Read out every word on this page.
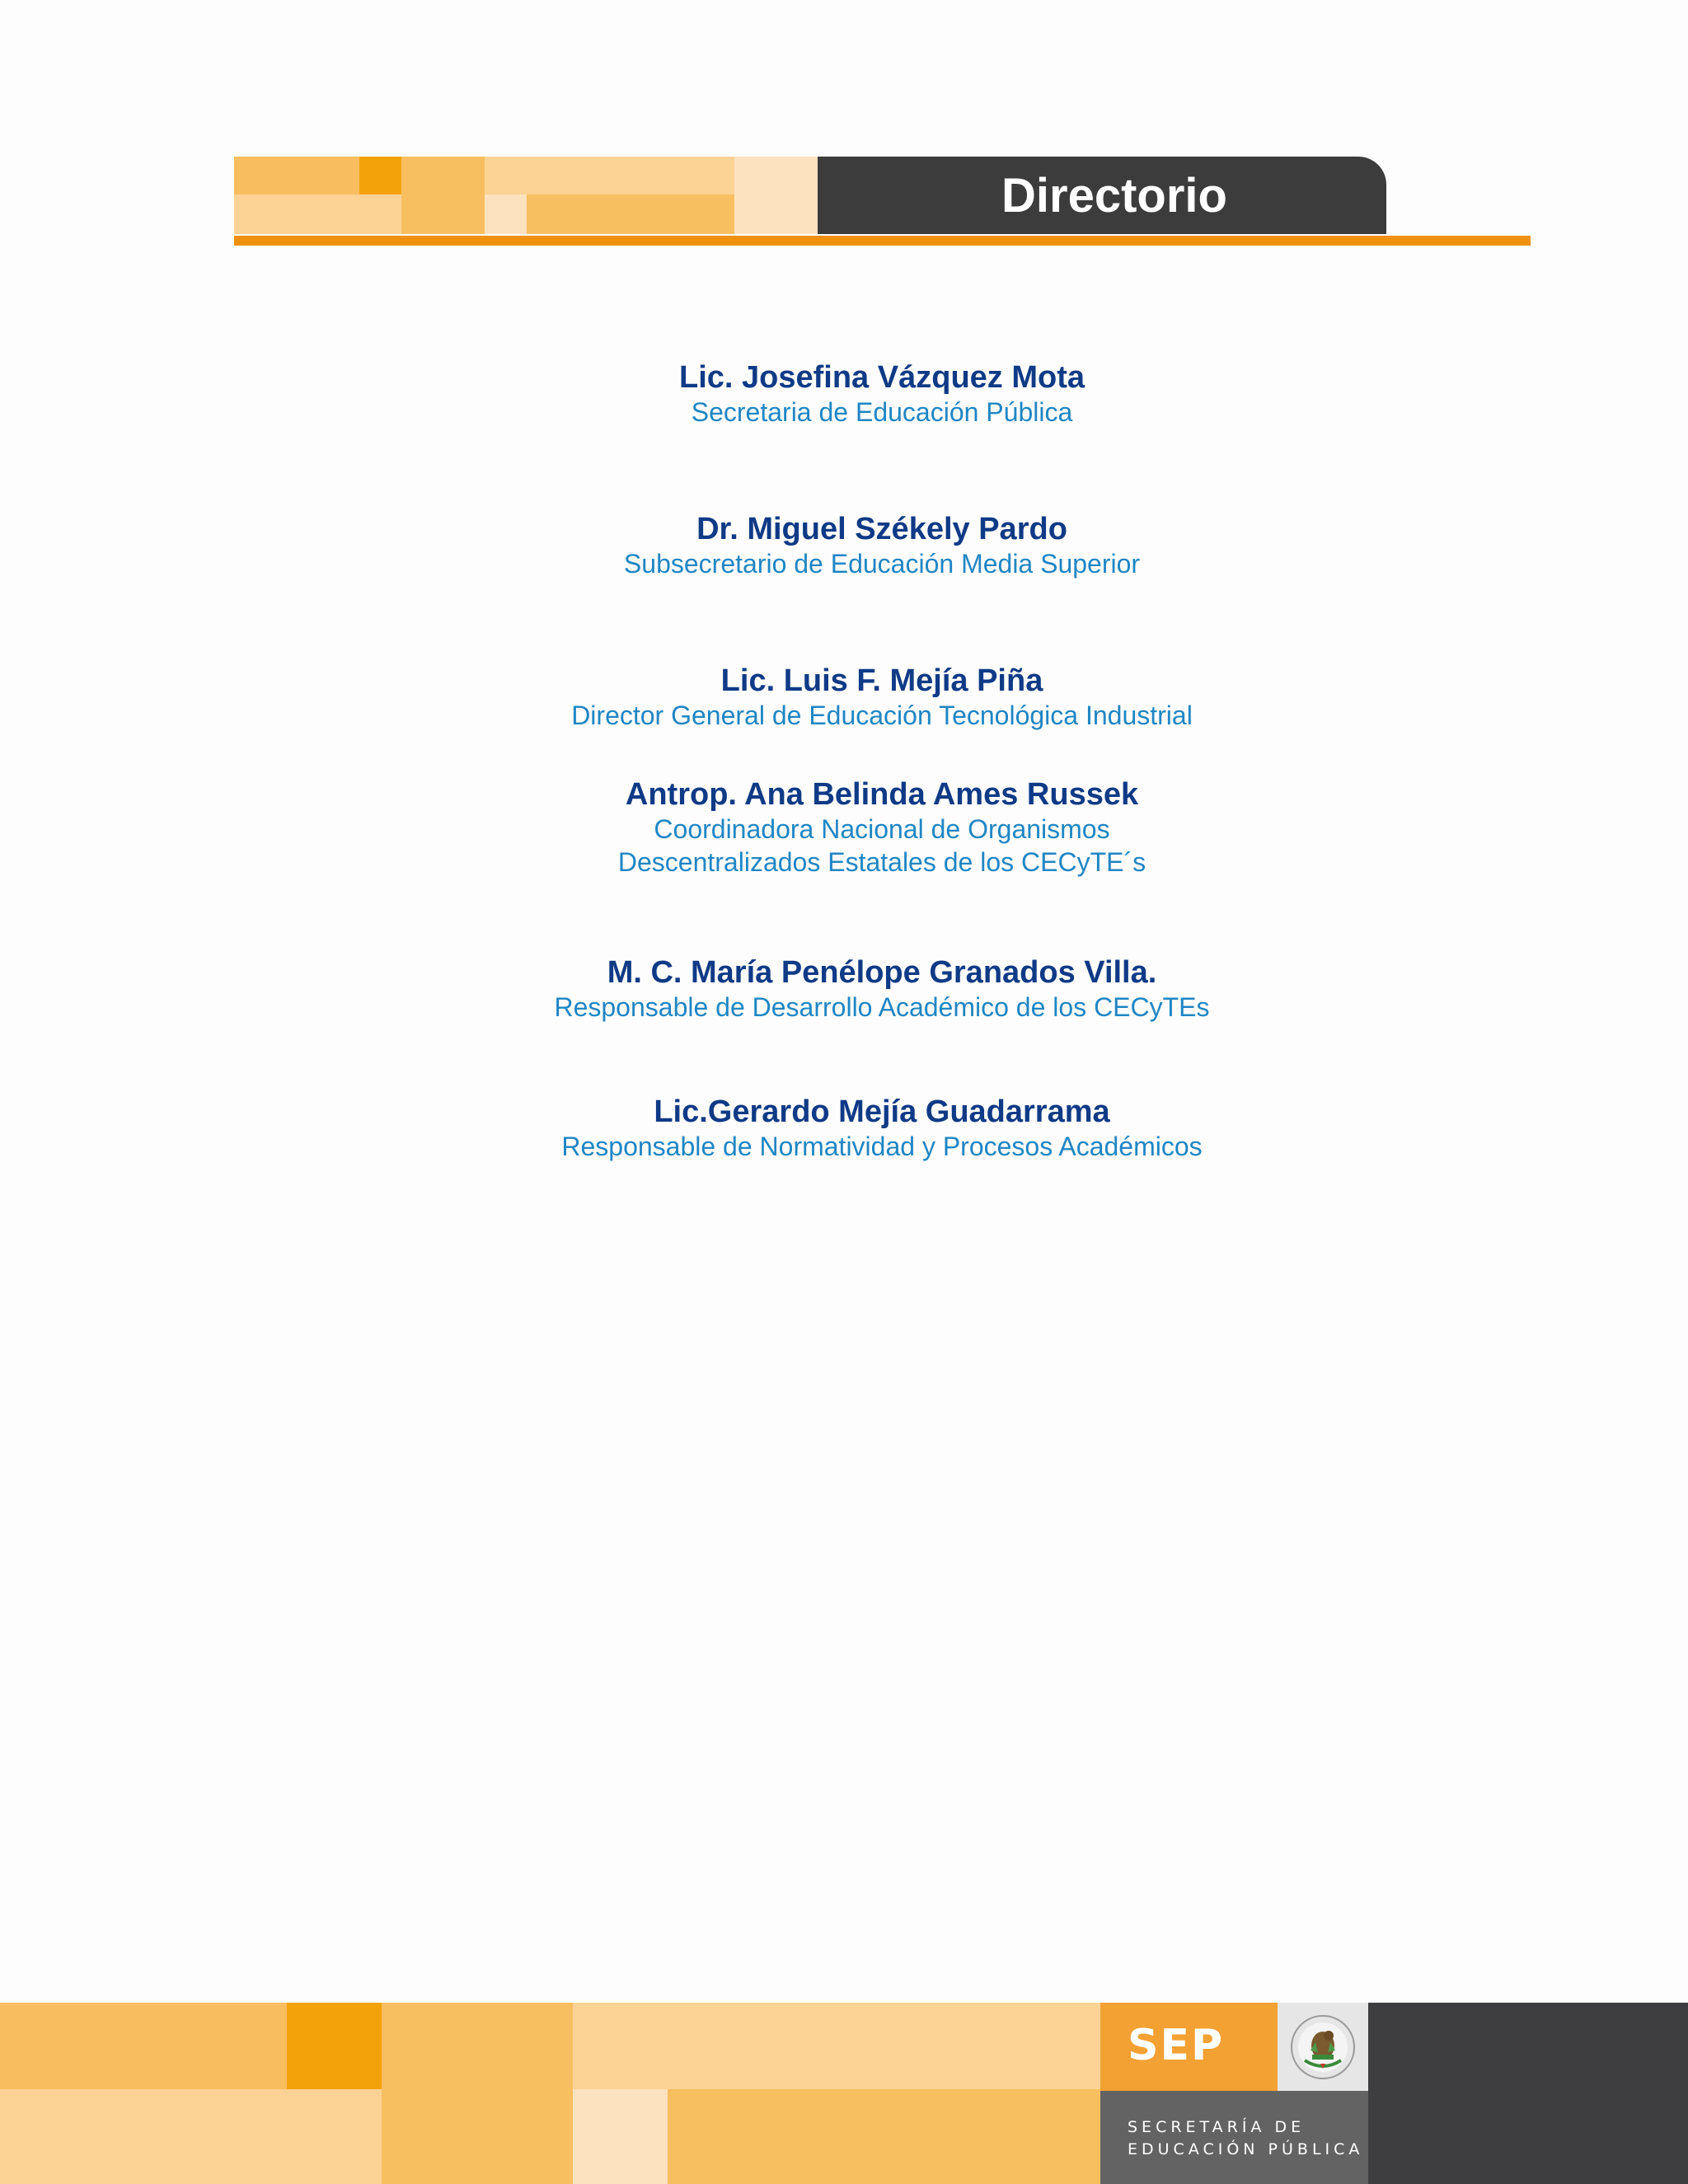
Directorio
Lic. Josefina Vázquez Mota
Secretaria de Educación Pública
Dr. Miguel Székely Pardo
Subsecretario de Educación Media Superior
Lic. Luis F. Mejía Piña
Director General de Educación Tecnológica Industrial
Antrop. Ana Belinda Ames Russek
Coordinadora Nacional de Organismos
Descentralizados Estatales de los CECyTE´s
M. C. María Penélope Granados Villa.
Responsable de Desarrollo Académico de los CECyTEs
Lic.Gerardo Mejía Guadarrama
Responsable de Normatividad y Procesos Académicos
SEP
SECRETARÍA DE
EDUCACIÓN PÚBLICA
